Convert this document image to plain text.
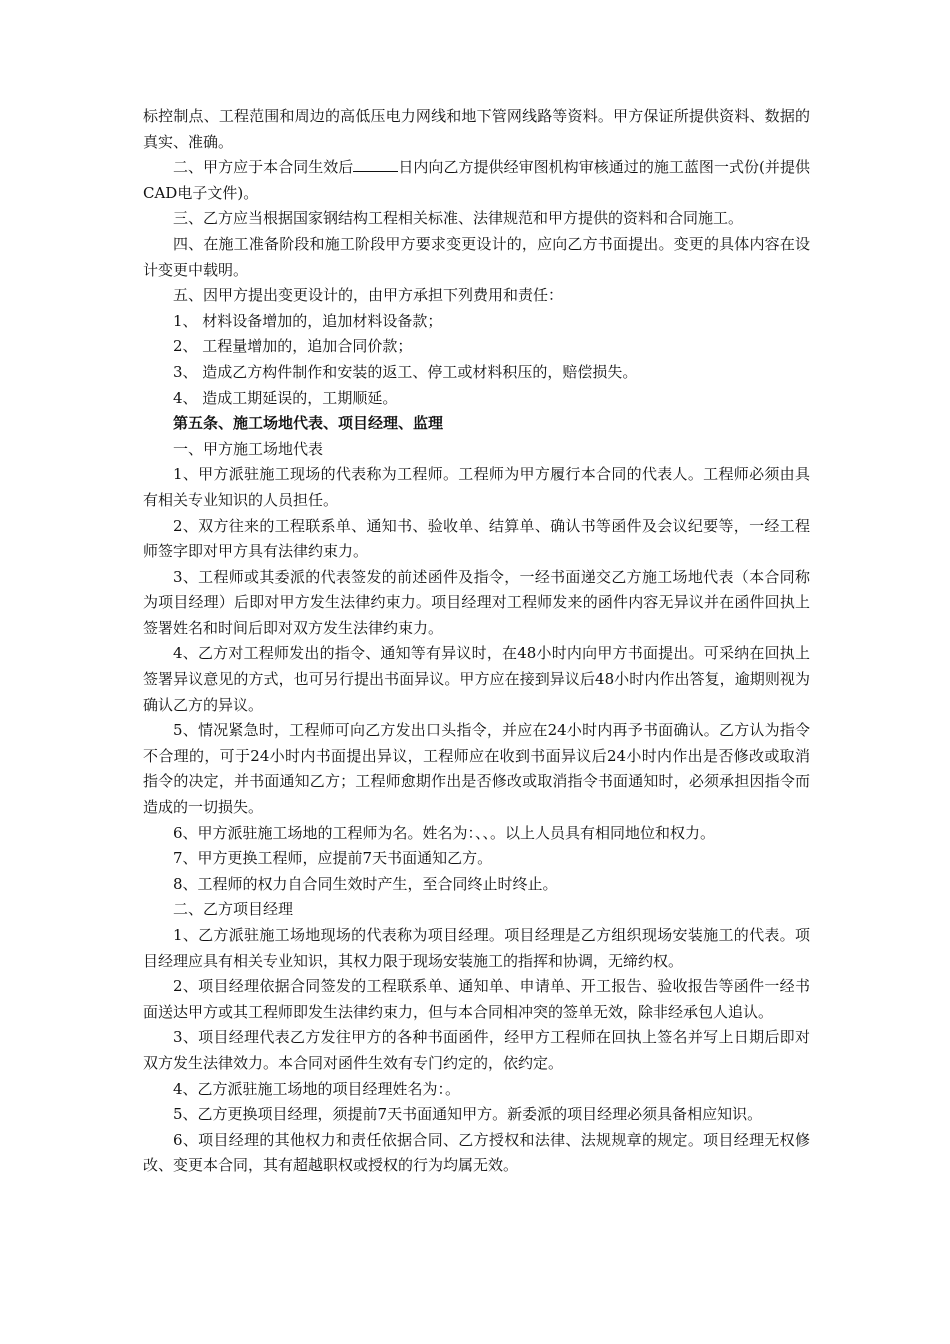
标控制点、工程范围和周边的高低压电力网线和地下管网线路等资料。甲方保证所提供资料、数据的真实、准确。

二、甲方应于本合同生效后	日内向乙方提供经审图机构审核通过的施工蓝图一式份(并提供CAD电子文件)。

三、乙方应当根据国家钢结构工程相关标准、法律规范和甲方提供的资料和合同施工。

四、在施工准备阶段和施工阶段甲方要求变更设计的，应向乙方书面提出。变更的具体内容在设计变更中载明。

五、因甲方提出变更设计的，由甲方承担下列费用和责任：

1、 材料设备增加的，追加材料设备款；

2、 工程量增加的，追加合同价款；

3、 造成乙方构件制作和安装的返工、停工或材料积压的，赔偿损失。

4、 造成工期延误的，工期顺延。

第五条、施工场地代表、项目经理、监理

一、甲方施工场地代表

1、甲方派驻施工现场的代表称为工程师。工程师为甲方履行本合同的代表人。工程师必须由具有相关专业知识的人员担任。

2、双方往来的工程联系单、通知书、验收单、结算单、确认书等函件及会议纪要等，一经工程师签字即对甲方具有法律约束力。

3、工程师或其委派的代表签发的前述函件及指令，一经书面递交乙方施工场地代表（本合同称为项目经理）后即对甲方发生法律约束力。项目经理对工程师发来的函件内容无异议并在函件回执上签署姓名和时间后即对双方发生法律约束力。

4、乙方对工程师发出的指令、通知等有异议时，在48小时内向甲方书面提出。可采纳在回执上签署异议意见的方式，也可另行提出书面异议。甲方应在接到异议后48小时内作出答复，逾期则视为确认乙方的异议。

5、情况紧急时，工程师可向乙方发出口头指令，并应在24小时内再予书面确认。乙方认为指令不合理的，可于24小时内书面提出异议，工程师应在收到书面异议后24小时内作出是否修改或取消指令的决定，并书面通知乙方；工程师愈期作出是否修改或取消指令书面通知时，必须承担因指令而造成的一切损失。

6、甲方派驻施工场地的工程师为名。姓名为：、、。以上人员具有相同地位和权力。

7、甲方更换工程师，应提前7天书面通知乙方。

8、工程师的权力自合同生效时产生，至合同终止时终止。

二、乙方项目经理

1、乙方派驻施工场地现场的代表称为项目经理。项目经理是乙方组织现场安装施工的代表。项目经理应具有相关专业知识，其权力限于现场安装施工的指挥和协调，无缔约权。

2、项目经理依据合同签发的工程联系单、通知单、申请单、开工报告、验收报告等函件一经书面送达甲方或其工程师即发生法律约束力，但与本合同相冲突的签单无效，除非经承包人追认。

3、项目经理代表乙方发往甲方的各种书面函件，经甲方工程师在回执上签名并写上日期后即对双方发生法律效力。本合同对函件生效有专门约定的，依约定。

4、乙方派驻施工场地的项目经理姓名为：。

5、乙方更换项目经理，须提前7天书面通知甲方。新委派的项目经理必须具备相应知识。

6、项目经理的其他权力和责任依据合同、乙方授权和法律、法规规章的规定。项目经理无权修改、变更本合同，其有超越职权或授权的行为均属无效。
